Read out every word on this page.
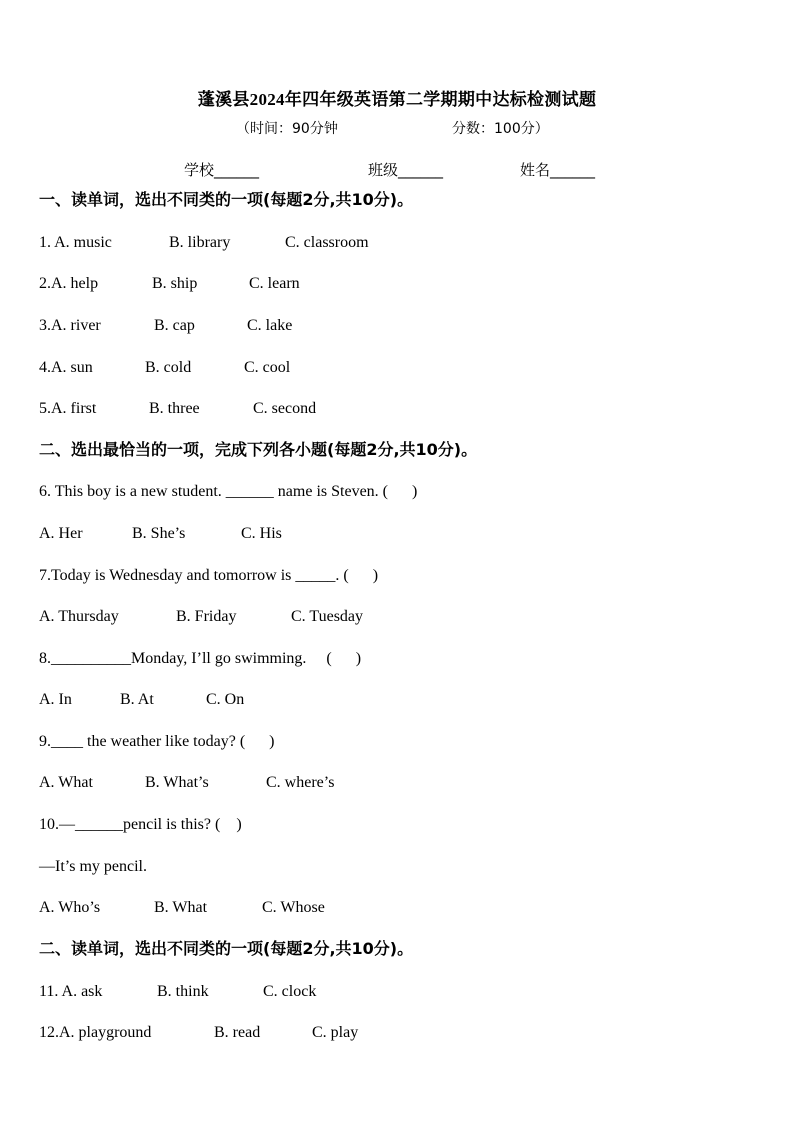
蓬溪县2024年四年级英语第二学期期中达标检测试题
（时间：90分钟	分数：100分）
学校______	班级______	姓名______
一、读单词，选出不同类的一项(每题2分,共10分)。

1. A. music

	B. library

	C. classroom

2.A. help

	B. ship

	C. learn

3.A. river

	B. cap

	C. lake

4.A. sun

	B. cold

	C. cool

5.A. first

	B. three

	C. second

二、选出最恰当的一项，完成下列各小题(每题2分,共10分)。
6. This boy is a new student. ______ name is Steven. (      )

A. Her

	B. She’s

	C. His

7.Today is Wednesday and tomorrow is _____. (      )

A. Thursday

	B. Friday

	C. Tuesday

8.__________Monday, I’ll go swimming.     (      )

A. In

	B. At

	C. On

9.____ the weather like today? (      )

A. What

	B. What’s

	C. where’s

10.—______pencil is this? (    )
—It’s my pencil.

A. Who’s

	B. What

	C. Whose

二、读单词，选出不同类的一项(每题2分,共10分)。

11. A. ask

	B. think

	C. clock

12.A. playground

	B. read

	C. play
